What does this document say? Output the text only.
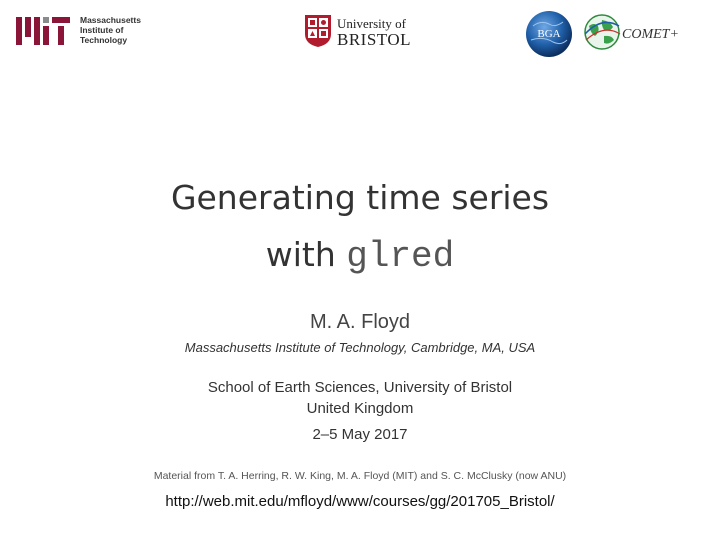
Massachusetts
Institute of
Technology
University of
BRISTOL	BGA	COMET+
Generating time series
with glred
M. A. Floyd
Massachusetts Institute of Technology, Cambridge, MA, USA
School of Earth Sciences, University of Bristol
United Kingdom
2–5 May 2017
Material from T. A. Herring, R. W. King, M. A. Floyd (MIT) and S. C. McClusky (now ANU)
http://web.mit.edu/mfloyd/www/courses/gg/201705_Bristol/
